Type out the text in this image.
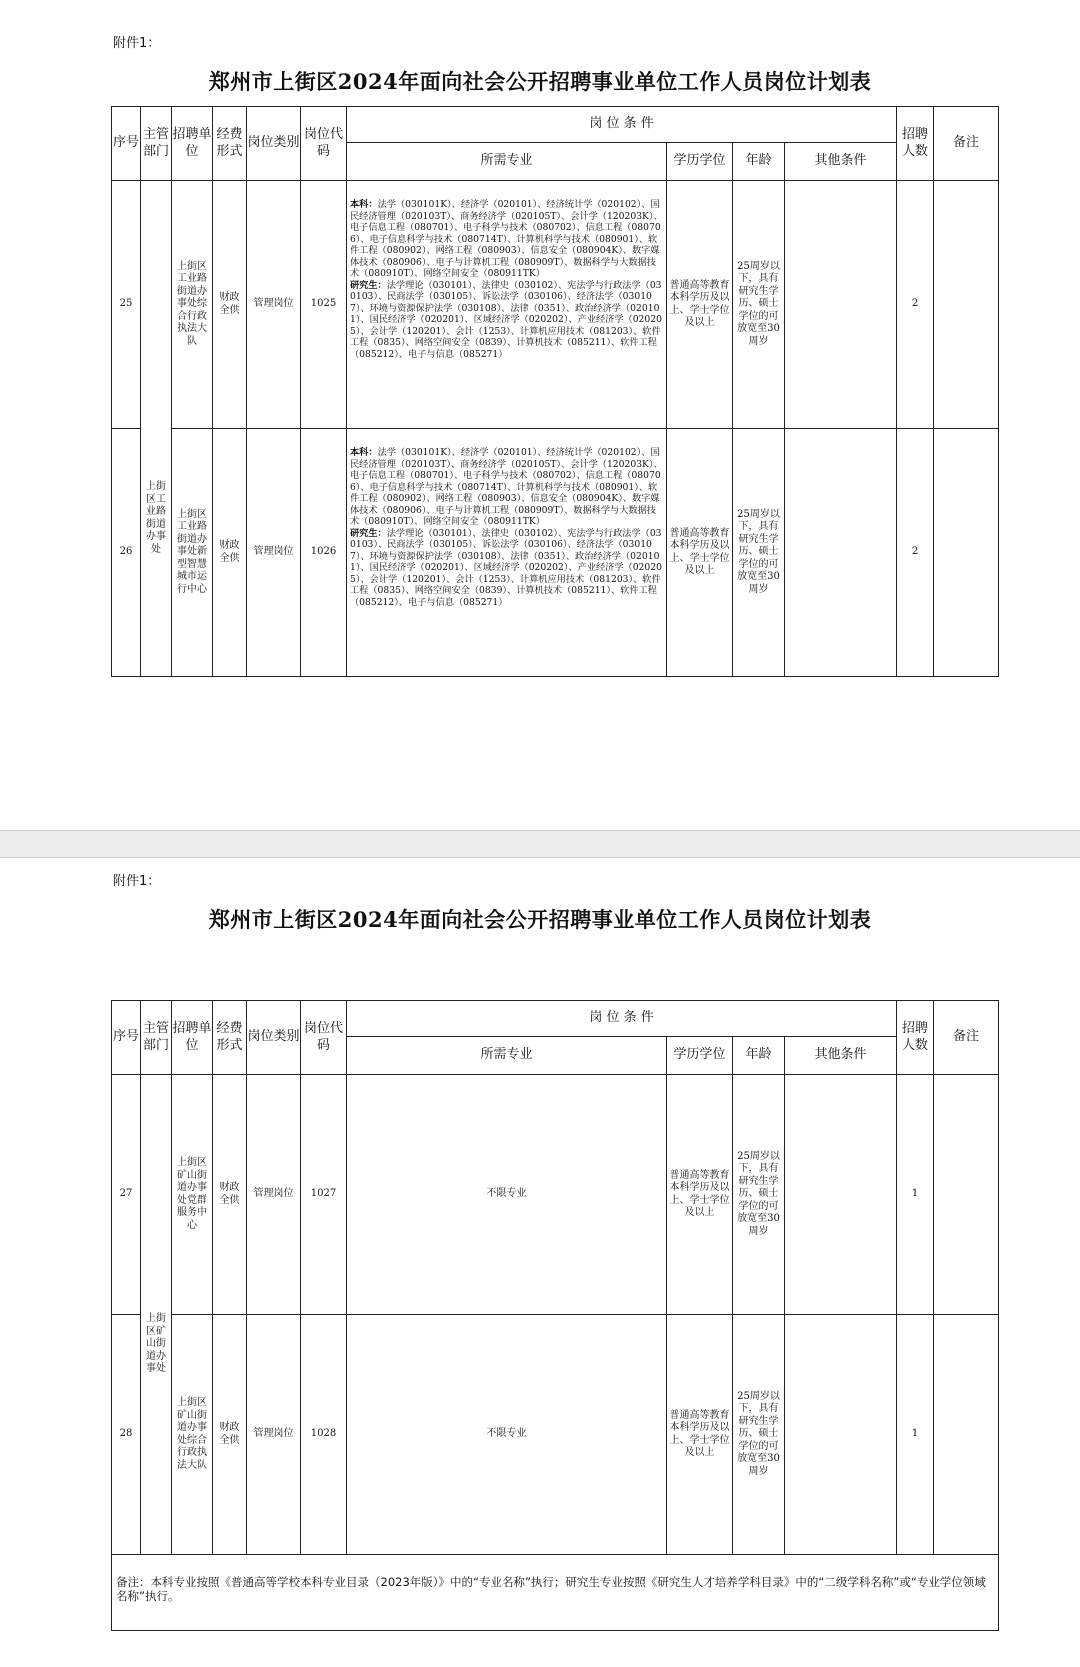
附件1：
郑州市上街区2024年面向社会公开招聘事业单位工作人员岗位计划表
序号	主管部门	招聘单位	经费形式	岗位类别	岗位代码	岗 位 条 件				招聘人数	备注
						所需专业	学历学位	年龄	其他条件		
25	上街区工业路街道办事处	上街区工业路街道办事处综合行政执法大队	财政全供	管理岗位	1025	本科：法学（030101K）、经济学（020101）、经济统计学（020102）、国民经济管理（020103T）、商务经济学（020105T）、会计学（120203K）、电子信息工程（080701）、电子科学与技术（080702）、信息工程（080706）、电子信息科学与技术（080714T）、计算机科学与技术（080901）、软件工程（080902）、网络工程（080903）、信息安全（080904K）、数字媒体技术（080906）、电子与计算机工程（080909T）、数据科学与大数据技术（080910T）、网络空间安全（080911TK）
研究生：法学理论（030101）、法律史（030102）、宪法学与行政法学（030103）、民商法学（030105）、诉讼法学（030106）、经济法学（030107）、环境与资源保护法学（030108）、法律（0351）、政治经济学（020101）、国民经济学（020201）、区域经济学（020202）、产业经济学（020205）、会计学（120201）、会计（1253）、计算机应用技术（081203）、软件工程（0835）、网络空间安全（0839）、计算机技术（085211）、软件工程（085212）、电子与信息（085271）	普通高等教育本科学历及以上、学士学位及以上	25周岁以下，具有研究生学历、硕士学位的可放宽至30周岁		2	
26		上街区工业路街道办事处新型智慧城市运行中心	财政全供	管理岗位	1026	本科：法学（030101K）、经济学（020101）、经济统计学（020102）、国民经济管理（020103T）、商务经济学（020105T）、会计学（120203K）、电子信息工程（080701）、电子科学与技术（080702）、信息工程（080706）、电子信息科学与技术（080714T）、计算机科学与技术（080901）、软件工程（080902）、网络工程（080903）、信息安全（080904K）、数字媒体技术（080906）、电子与计算机工程（080909T）、数据科学与大数据技术（080910T）、网络空间安全（080911TK）
研究生：法学理论（030101）、法律史（030102）、宪法学与行政法学（030103）、民商法学（030105）、诉讼法学（030106）、经济法学（030107）、环境与资源保护法学（030108）、法律（0351）、政治经济学（020101）、国民经济学（020201）、区域经济学（020202）、产业经济学（020205）、会计学（120201）、会计（1253）、计算机应用技术（081203）、软件工程（0835）、网络空间安全（0839）、计算机技术（085211）、软件工程（085212）、电子与信息（085271）	普通高等教育本科学历及以上、学士学位及以上	25周岁以下，具有研究生学历、硕士学位的可放宽至30周岁		2	
附件1：
郑州市上街区2024年面向社会公开招聘事业单位工作人员岗位计划表
序号	主管部门	招聘单位	经费形式	岗位类别	岗位代码	岗 位 条 件				招聘人数	备注
						所需专业	学历学位	年龄	其他条件		
27	上街区矿山街道办事处	上街区矿山街道办事处党群服务中心	财政全供	管理岗位	1027	不限专业	普通高等教育本科学历及以上、学士学位及以上	25周岁以下，具有研究生学历、硕士学位的可放宽至30周岁		1	
28		上街区矿山街道办事处综合行政执法大队	财政全供	管理岗位	1028	不限专业	普通高等教育本科学历及以上、学士学位及以上	25周岁以下，具有研究生学历、硕士学位的可放宽至30周岁		1	
备注：本科专业按照《普通高等学校本科专业目录（2023年版）》中的“专业名称”执行；研究生专业按照《研究生人才培养学科目录》中的“二级学科名称”或“专业学位领域名称”执行。											
